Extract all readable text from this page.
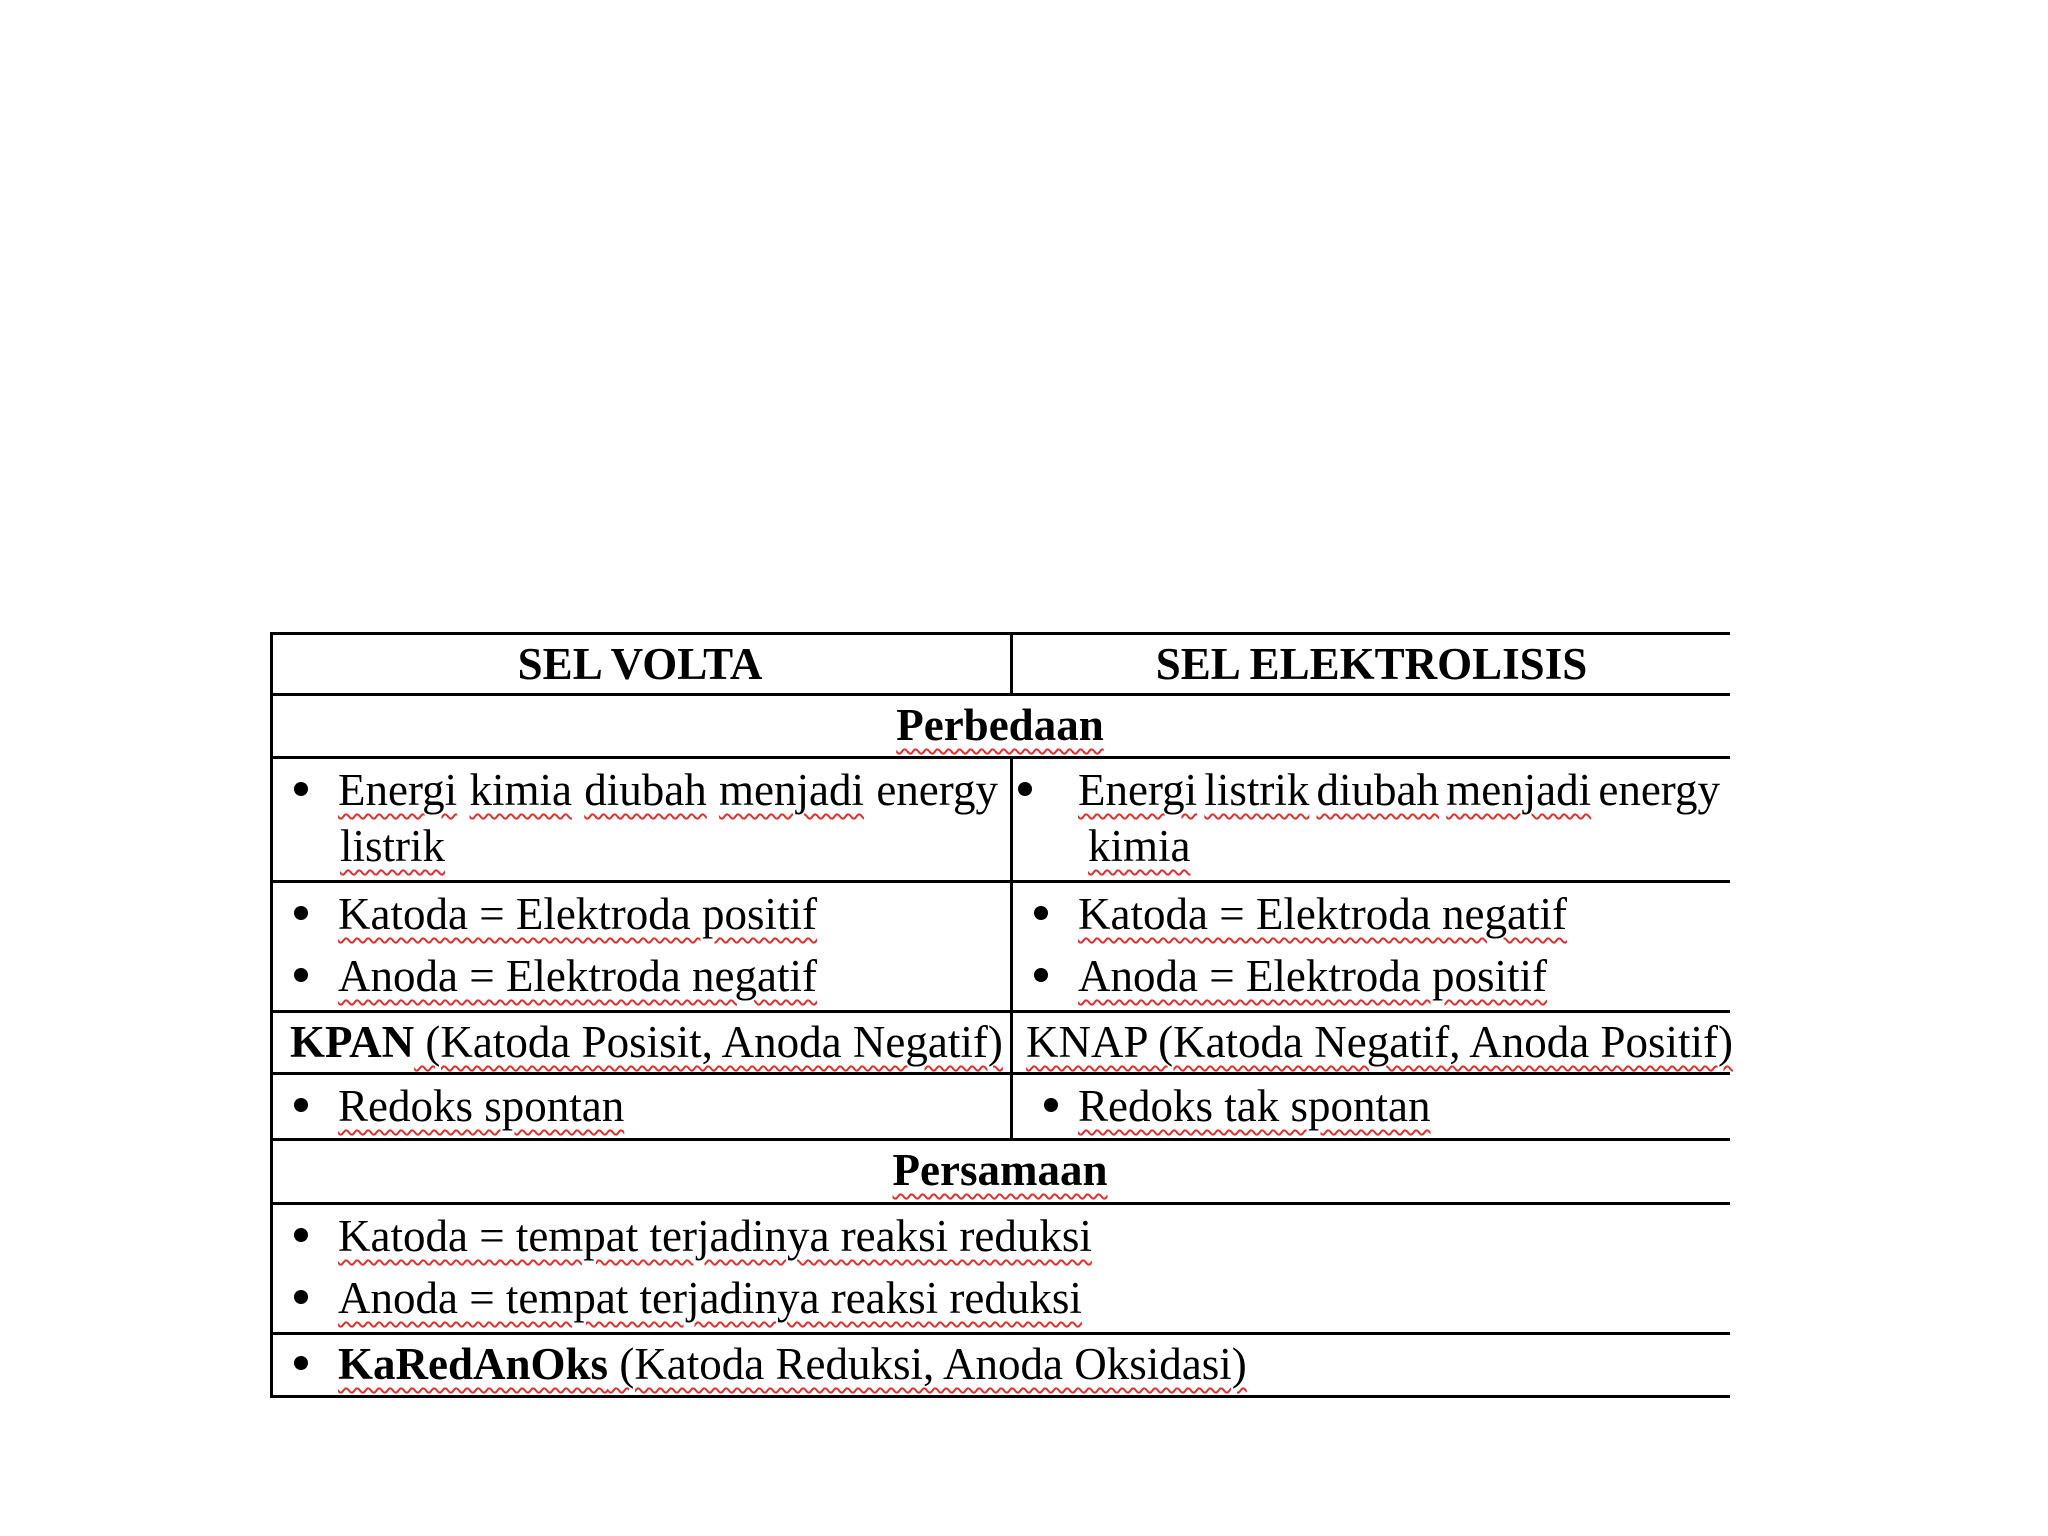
SEL VOLTA	SEL ELEKTROLISIS
Perbedaan
Energi kimia diubah menjadi energy
listrik
Energi listrik diubah menjadi energy
kimia
Katoda = Elektroda positif
Anoda = Elektroda negatif
Katoda = Elektroda negatif
Anoda = Elektroda positif
KPAN (Katoda Posisit, Anoda Negatif) KNAP (Katoda Negatif, Anoda Positif)
Redoks spontan	Redoks tak spontan
Persamaan
Katoda = tempat terjadinya reaksi reduksi
Anoda = tempat terjadinya reaksi reduksi
KaRedAnOks (Katoda Reduksi, Anoda Oksidasi)
